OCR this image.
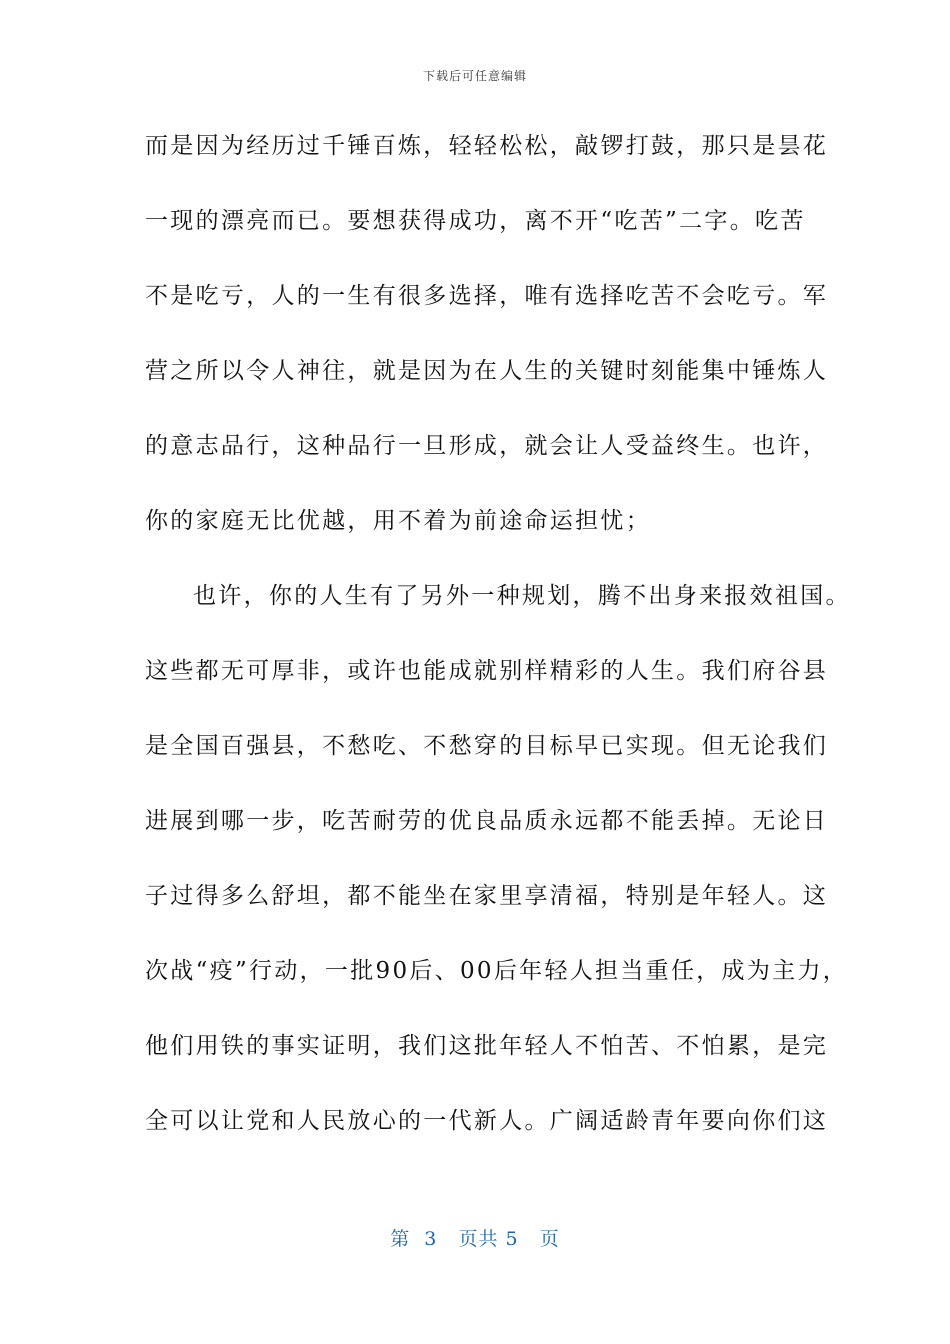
下载后可任意编辑
而是因为经历过千锤百炼，轻轻松松，敲锣打鼓，那只是昙花
一现的漂亮而已。要想获得成功，离不开“吃苦”二字。吃苦
不是吃亏，人的一生有很多选择，唯有选择吃苦不会吃亏。军
营之所以令人神往，就是因为在人生的关键时刻能集中锤炼人
的意志品行，这种品行一旦形成，就会让人受益终生。也许，
你的家庭无比优越，用不着为前途命运担忧；
也许，你的人生有了另外一种规划，腾不出身来报效祖国。
这些都无可厚非，或许也能成就别样精彩的人生。我们府谷县
是全国百强县，不愁吃、不愁穿的目标早已实现。但无论我们
进展到哪一步，吃苦耐劳的优良品质永远都不能丢掉。无论日
子过得多么舒坦，都不能坐在家里享清福，特别是年轻人。这
次战“疫”行动，一批90后、00后年轻人担当重任，成为主力，
他们用铁的事实证明，我们这批年轻人不怕苦、不怕累，是完
全可以让党和人民放心的一代新人。广阔适龄青年要向你们这
第  3   页共 5   页
